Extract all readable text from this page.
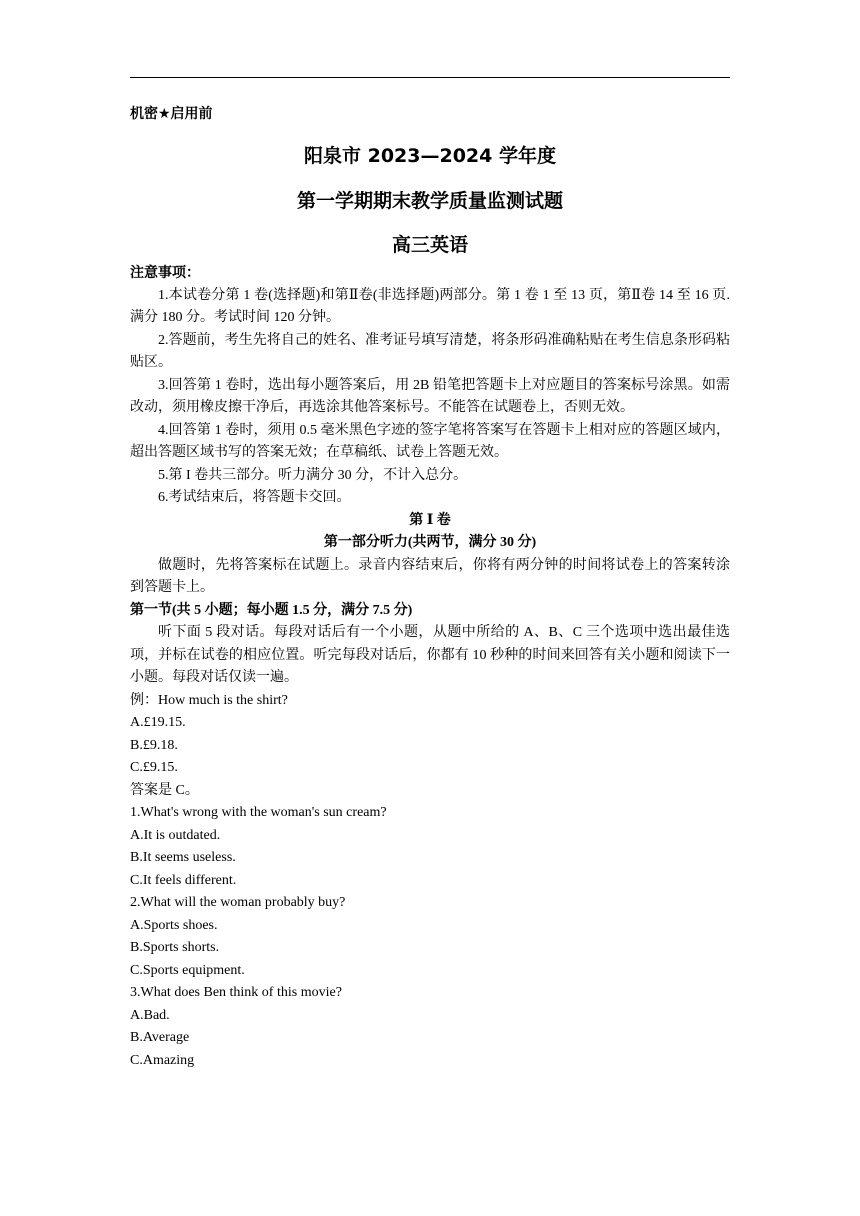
机密★启用前
阳泉市 2023—2024 学年度
第一学期期末教学质量监测试题
高三英语
注意事项：
1.本试卷分第 1 卷(选择题)和第Ⅱ卷(非选择题)两部分。第 1 卷 1 至 13 页，第Ⅱ卷 14 至 16 页.满分 180 分。考试时间 120 分钟。
2.答题前，考生先将自己的姓名、准考证号填写清楚，将条形码准确粘贴在考生信息条形码粘贴区。
3.回答第 1 卷时，选出每小题答案后，用 2B 铅笔把答题卡上对应题目的答案标号涂黑。如需改动，须用橡皮擦干净后，再选涂其他答案标号。不能答在试题卷上，否则无效。
4.回答第 1 卷时，须用 0.5 毫米黑色字迹的签字笔将答案写在答题卡上相对应的答题区域内，超出答题区域书写的答案无效；在草稿纸、试卷上答题无效。
5.第 I 卷共三部分。听力满分 30 分，不计入总分。
6.考试结束后，将答题卡交回。
第 Ⅰ 卷
第一部分听力(共两节，满分 30 分)
做题时，先将答案标在试题上。录音内容结束后，你将有两分钟的时间将试卷上的答案转涂到答题卡上。
第一节(共 5 小题；每小题 1.5 分，满分 7.5 分)
听下面 5 段对话。每段对话后有一个小题，从题中所给的 A、B、C 三个选项中选出最佳选项，并标在试卷的相应位置。听完每段对话后，你都有 10 秒种的时间来回答有关小题和阅读下一小题。每段对话仅读一遍。
例：How much is the shirt?
A.£19.15.
B.£9.18.
C.£9.15.
答案是 C。
1.What's wrong with the woman's sun cream?
A.It is outdated.
B.It seems useless.
C.It feels different.
2.What will the woman probably buy?
A.Sports shoes.
B.Sports shorts.
C.Sports equipment.
3.What does Ben think of this movie?
A.Bad.
B.Average
C.Amazing
